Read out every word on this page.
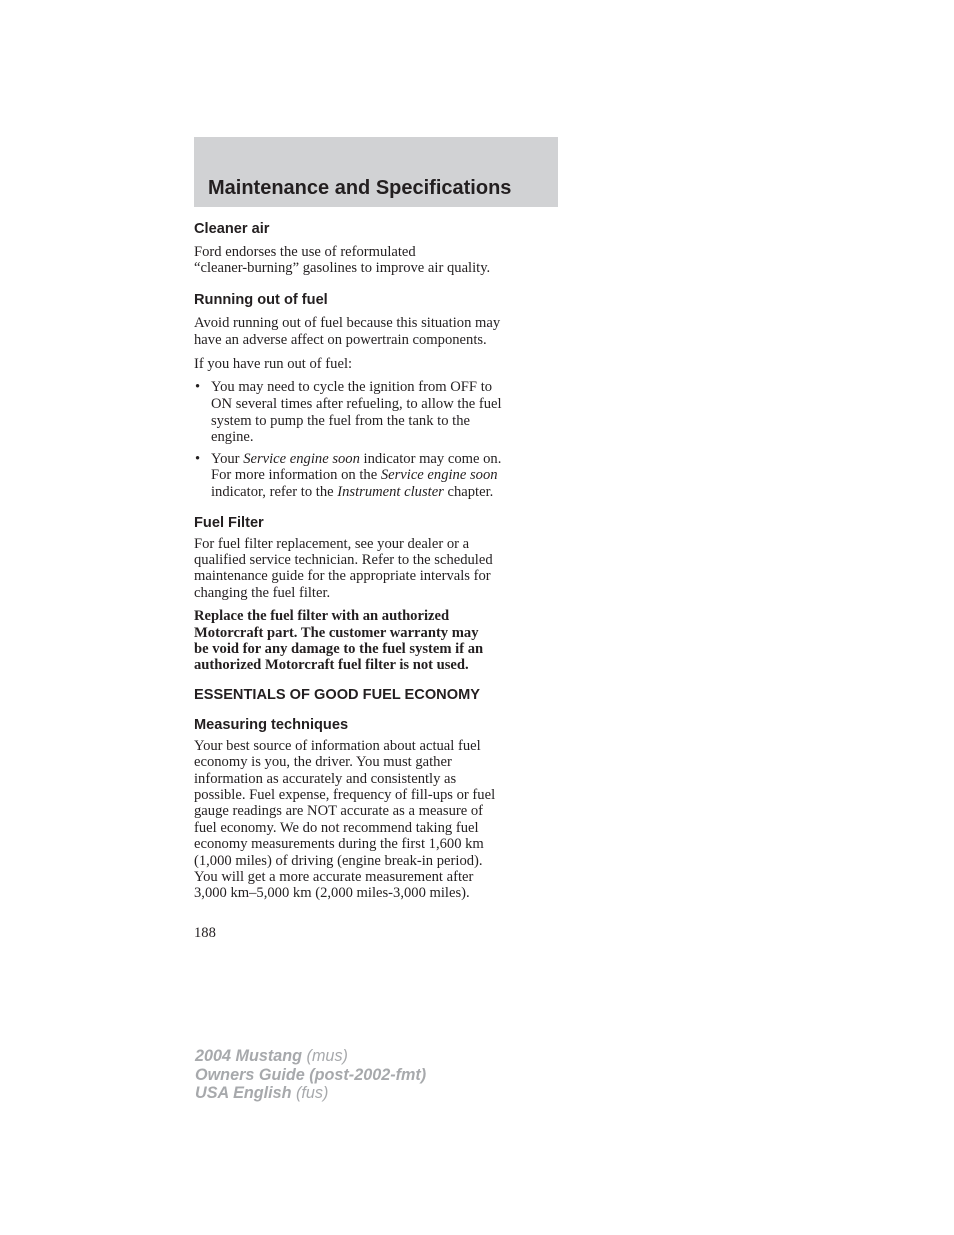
Maintenance and Specifications
Cleaner air

Ford endorses the use of reformulated
“cleaner-burning” gasolines to improve air quality.

Running out of fuel

Avoid running out of fuel because this situation may
have an adverse affect on powertrain components.

If you have run out of fuel:

• You may need to cycle the ignition from OFF to
ON several times after refueling, to allow the fuel
system to pump the fuel from the tank to the
engine.
• Your Service engine soon indicator may come on.
For more information on the Service engine soon
indicator, refer to the Instrument cluster chapter.
Fuel Filter

For fuel filter replacement, see your dealer or a
qualified service technician. Refer to the scheduled
maintenance guide for the appropriate intervals for
changing the fuel filter.

Replace the fuel filter with an authorized
Motorcraft part. The customer warranty may
be void for any damage to the fuel system if an
authorized Motorcraft fuel filter is not used.

ESSENTIALS OF GOOD FUEL ECONOMY
Measuring techniques

Your best source of information about actual fuel
economy is you, the driver. You must gather
information as accurately and consistently as
possible. Fuel expense, frequency of fill-ups or fuel
gauge readings are NOT accurate as a measure of
fuel economy. We do not recommend taking fuel
economy measurements during the first 1,600 km
(1,000 miles) of driving (engine break-in period).
You will get a more accurate measurement after
3,000 km–5,000 km (2,000 miles-3,000 miles).

188
2004 Mustang (mus)
Owners Guide (post-2002-fmt)
USA English (fus)
